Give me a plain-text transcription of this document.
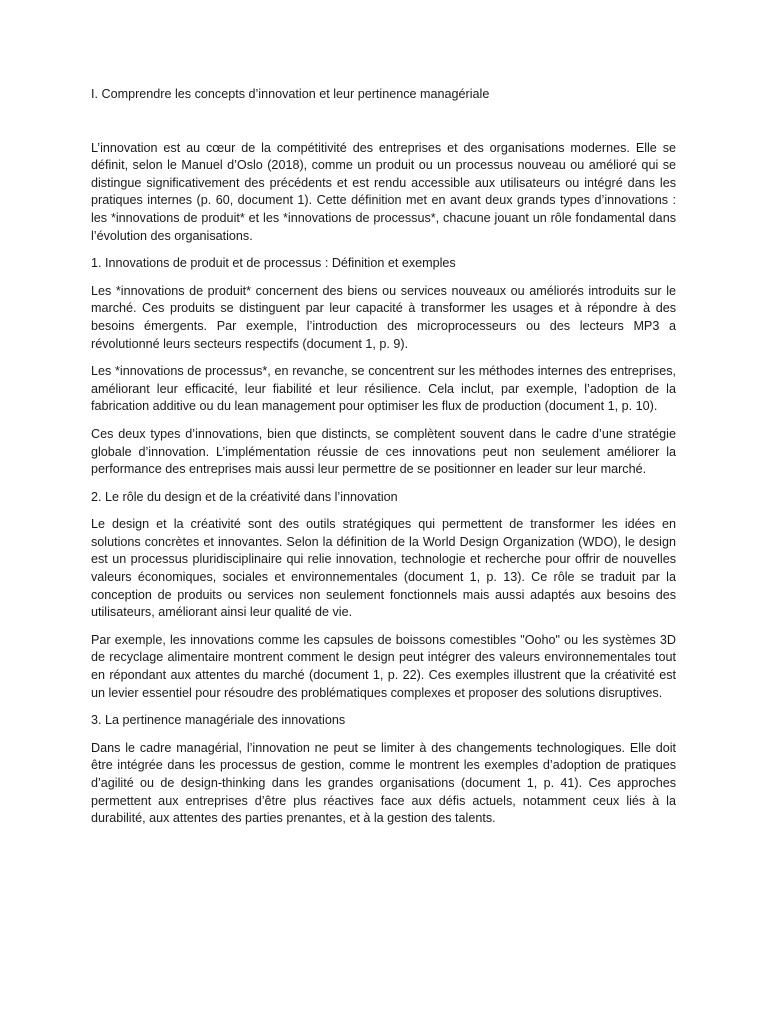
I. Comprendre les concepts d’innovation et leur pertinence managériale

L’innovation est au cœur de la compétitivité des entreprises et des organisations modernes. Elle se définit, selon le Manuel d’Oslo (2018), comme un produit ou un processus nouveau ou amélioré qui se distingue significativement des précédents et est rendu accessible aux utilisateurs ou intégré dans les pratiques internes (p. 60, document 1). Cette définition met en avant deux grands types d’innovations : les *innovations de produit* et les *innovations de processus*, chacune jouant un rôle fondamental dans l’évolution des organisations.

1. Innovations de produit et de processus : Définition et exemples

Les *innovations de produit* concernent des biens ou services nouveaux ou améliorés introduits sur le marché. Ces produits se distinguent par leur capacité à transformer les usages et à répondre à des besoins émergents. Par exemple, l’introduction des microprocesseurs ou des lecteurs MP3 a révolutionné leurs secteurs respectifs (document 1, p. 9).

Les *innovations de processus*, en revanche, se concentrent sur les méthodes internes des entreprises, améliorant leur efficacité, leur fiabilité et leur résilience. Cela inclut, par exemple, l’adoption de la fabrication additive ou du lean management pour optimiser les flux de production (document 1, p. 10).

Ces deux types d’innovations, bien que distincts, se complètent souvent dans le cadre d’une stratégie globale d’innovation. L’implémentation réussie de ces innovations peut non seulement améliorer la performance des entreprises mais aussi leur permettre de se positionner en leader sur leur marché.

2. Le rôle du design et de la créativité dans l’innovation

Le design et la créativité sont des outils stratégiques qui permettent de transformer les idées en solutions concrètes et innovantes. Selon la définition de la World Design Organization (WDO), le design est un processus pluridisciplinaire qui relie innovation, technologie et recherche pour offrir de nouvelles valeurs économiques, sociales et environnementales (document 1, p. 13). Ce rôle se traduit par la conception de produits ou services non seulement fonctionnels mais aussi adaptés aux besoins des utilisateurs, améliorant ainsi leur qualité de vie.

Par exemple, les innovations comme les capsules de boissons comestibles "Ooho" ou les systèmes 3D de recyclage alimentaire montrent comment le design peut intégrer des valeurs environnementales tout en répondant aux attentes du marché (document 1, p. 22). Ces exemples illustrent que la créativité est un levier essentiel pour résoudre des problématiques complexes et proposer des solutions disruptives.

3. La pertinence managériale des innovations

Dans le cadre managérial, l’innovation ne peut se limiter à des changements technologiques. Elle doit être intégrée dans les processus de gestion, comme le montrent les exemples d’adoption de pratiques d’agilité ou de design-thinking dans les grandes organisations (document 1, p. 41). Ces approches permettent aux entreprises d’être plus réactives face aux défis actuels, notamment ceux liés à la durabilité, aux attentes des parties prenantes, et à la gestion des talents.
